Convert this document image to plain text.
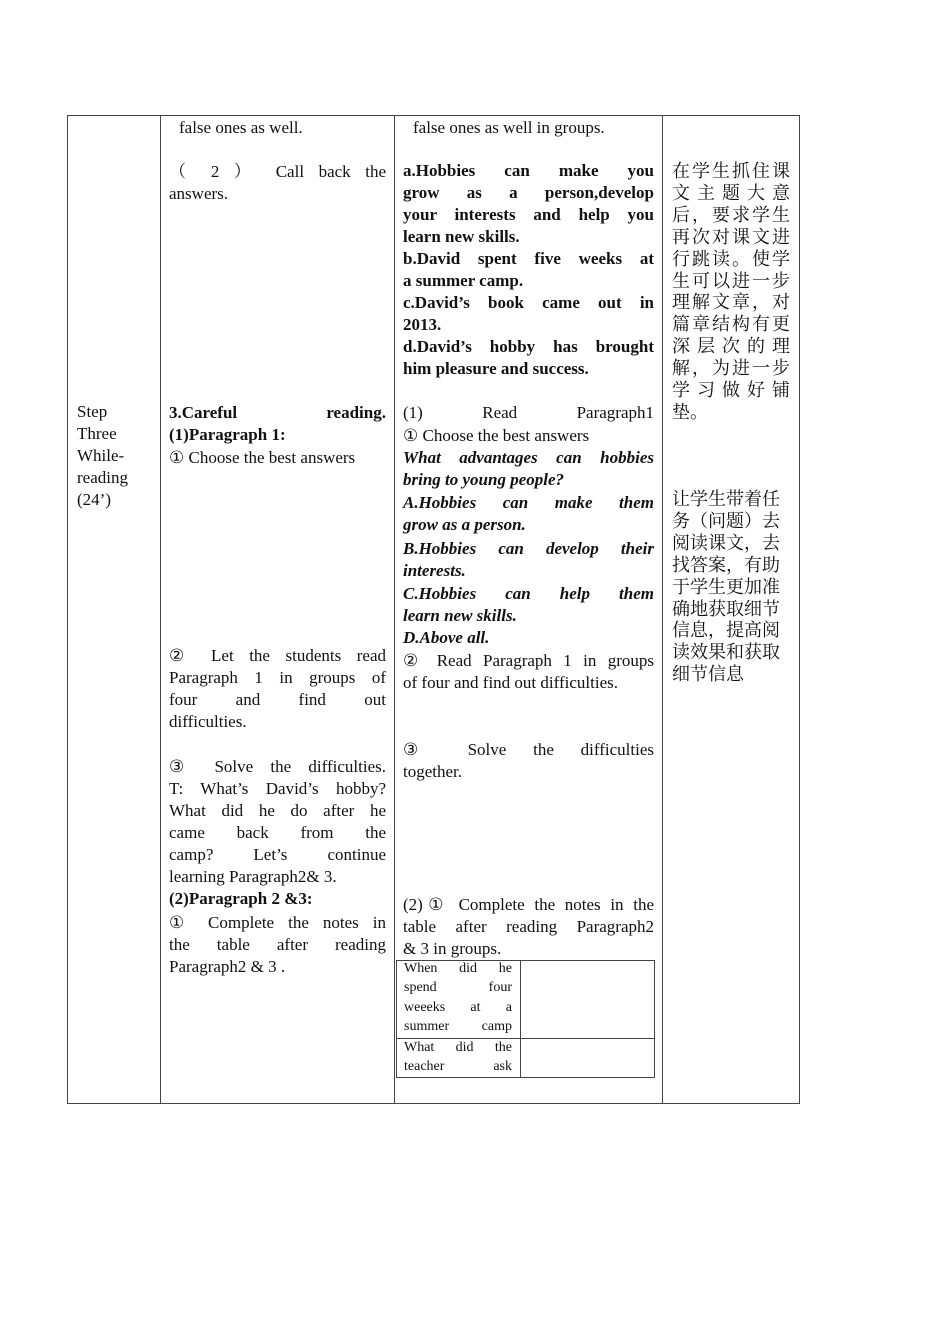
Step
Three
While-
reading
(24’)
false ones as well.
（ 2 ） Call back the
answers.
3.Careful reading.
(1)Paragraph 1:
① Choose the best answers
② Let the students read
Paragraph 1 in groups of
four and find out
difficulties.
③ Solve the difficulties.
T: What’s David’s hobby?
What did he do after he
came back from the
camp? Let’s continue
learning Paragraph2& 3.
(2)Paragraph 2 &3:
① Complete the notes in
the table after reading
Paragraph2 & 3 .
false ones as well in groups.
a.Hobbies can make you
grow as a person,develop
your interests and help you
learn new skills.
b.David spent five weeks at
a summer camp.
c.David’s book came out in
2013.
d.David’s hobby has brought
him pleasure and success.
(1) Read Paragraph1
① Choose the best answers
What advantages can hobbies
bring to young people?
A.Hobbies can make them
grow as a person.
B.Hobbies can develop their
interests.
C.Hobbies can help them
learn new skills.
D.Above all.
② Read Paragraph 1 in groups
of four and find out difficulties.
③ Solve the difficulties
together.
(2)① Complete the notes in the
table after reading Paragraph2
& 3 in groups.
When did he
spend four
weeeks at a
summer camp
What did the
teacher ask
在学生抓住课
文主题大意
后，要求学生
再次对课文进
行跳读。使学
生可以进一步
理解文章，对
篇章结构有更
深层次的理
解，为进一步
学习做好铺
垫。
让学生带着任
务（问题）去
阅读课文，去
找答案，有助
于学生更加准
确地获取细节
信息，提高阅
读效果和获取
细节信息
